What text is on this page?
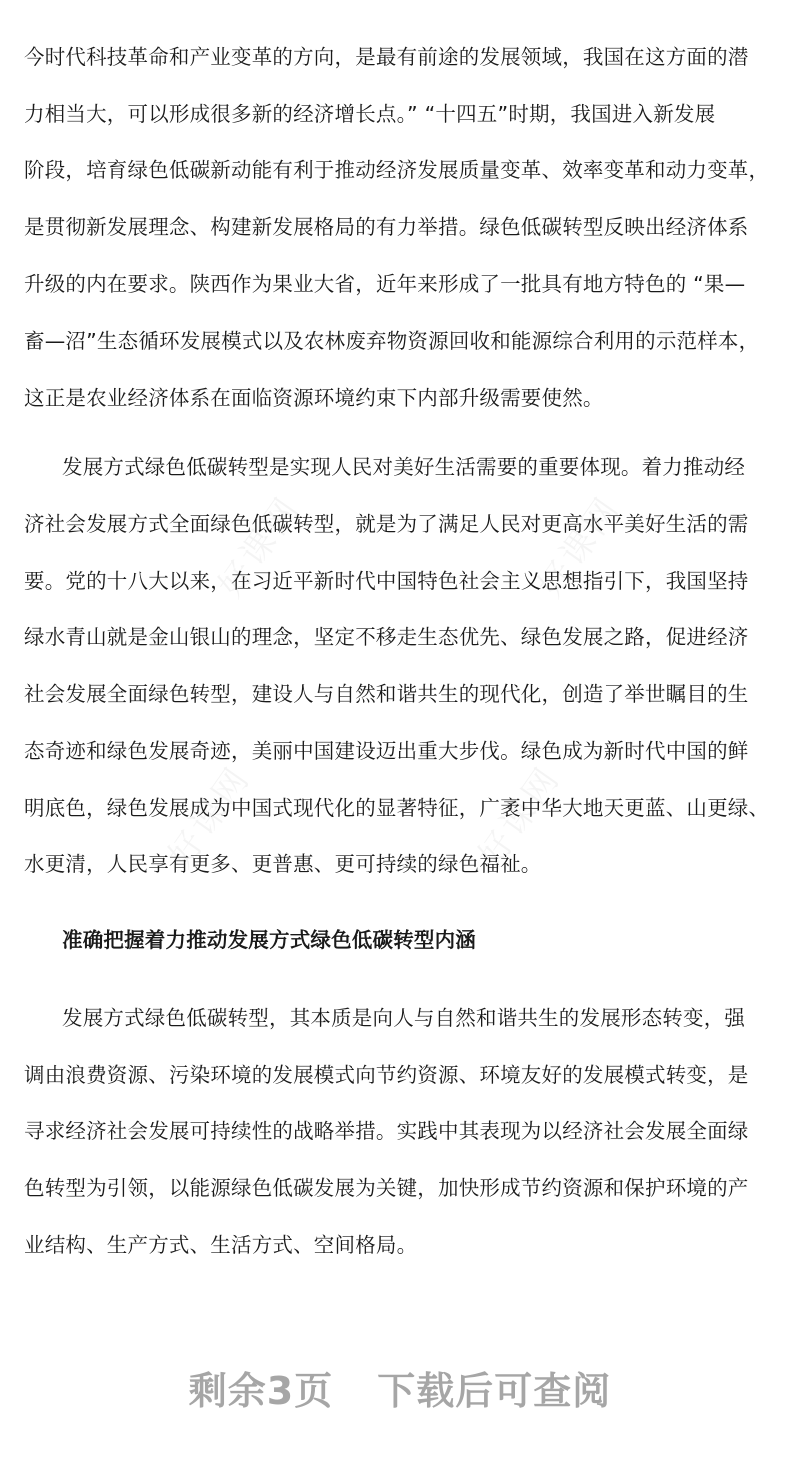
今时代科技革命和产业变革的方向，是最有前途的发展领域，我国在这方面的潜
力相当大，可以形成很多新的经济增长点。” “十四五”时期，我国进入新发展
阶段，培育绿色低碳新动能有利于推动经济发展质量变革、效率变革和动力变革，
是贯彻新发展理念、构建新发展格局的有力举措。绿色低碳转型反映出经济体系
升级的内在要求。陕西作为果业大省，近年来形成了一批具有地方特色的 “果—
畜—沼”生态循环发展模式以及农林废弃物资源回收和能源综合利用的示范样本，
这正是农业经济体系在面临资源环境约束下内部升级需要使然。
发展方式绿色低碳转型是实现人民对美好生活需要的重要体现。着力推动经
济社会发展方式全面绿色低碳转型，就是为了满足人民对更高水平美好生活的需
要。党的十八大以来，在习近平新时代中国特色社会主义思想指引下，我国坚持
绿水青山就是金山银山的理念，坚定不移走生态优先、绿色发展之路，促进经济
社会发展全面绿色转型，建设人与自然和谐共生的现代化，创造了举世瞩目的生
态奇迹和绿色发展奇迹，美丽中国建设迈出重大步伐。绿色成为新时代中国的鲜
明底色，绿色发展成为中国式现代化的显著特征，广袤中华大地天更蓝、山更绿、
水更清，人民享有更多、更普惠、更可持续的绿色福祉。
准确把握着力推动发展方式绿色低碳转型内涵
发展方式绿色低碳转型，其本质是向人与自然和谐共生的发展形态转变，强
调由浪费资源、污染环境的发展模式向节约资源、环境友好的发展模式转变，是
寻求经济社会发展可持续性的战略举措。实践中其表现为以经济社会发展全面绿
色转型为引领，以能源绿色低碳发展为关键，加快形成节约资源和保护环境的产
业结构、生产方式、生活方式、空间格局。
剩余3页 下载后可查阅
